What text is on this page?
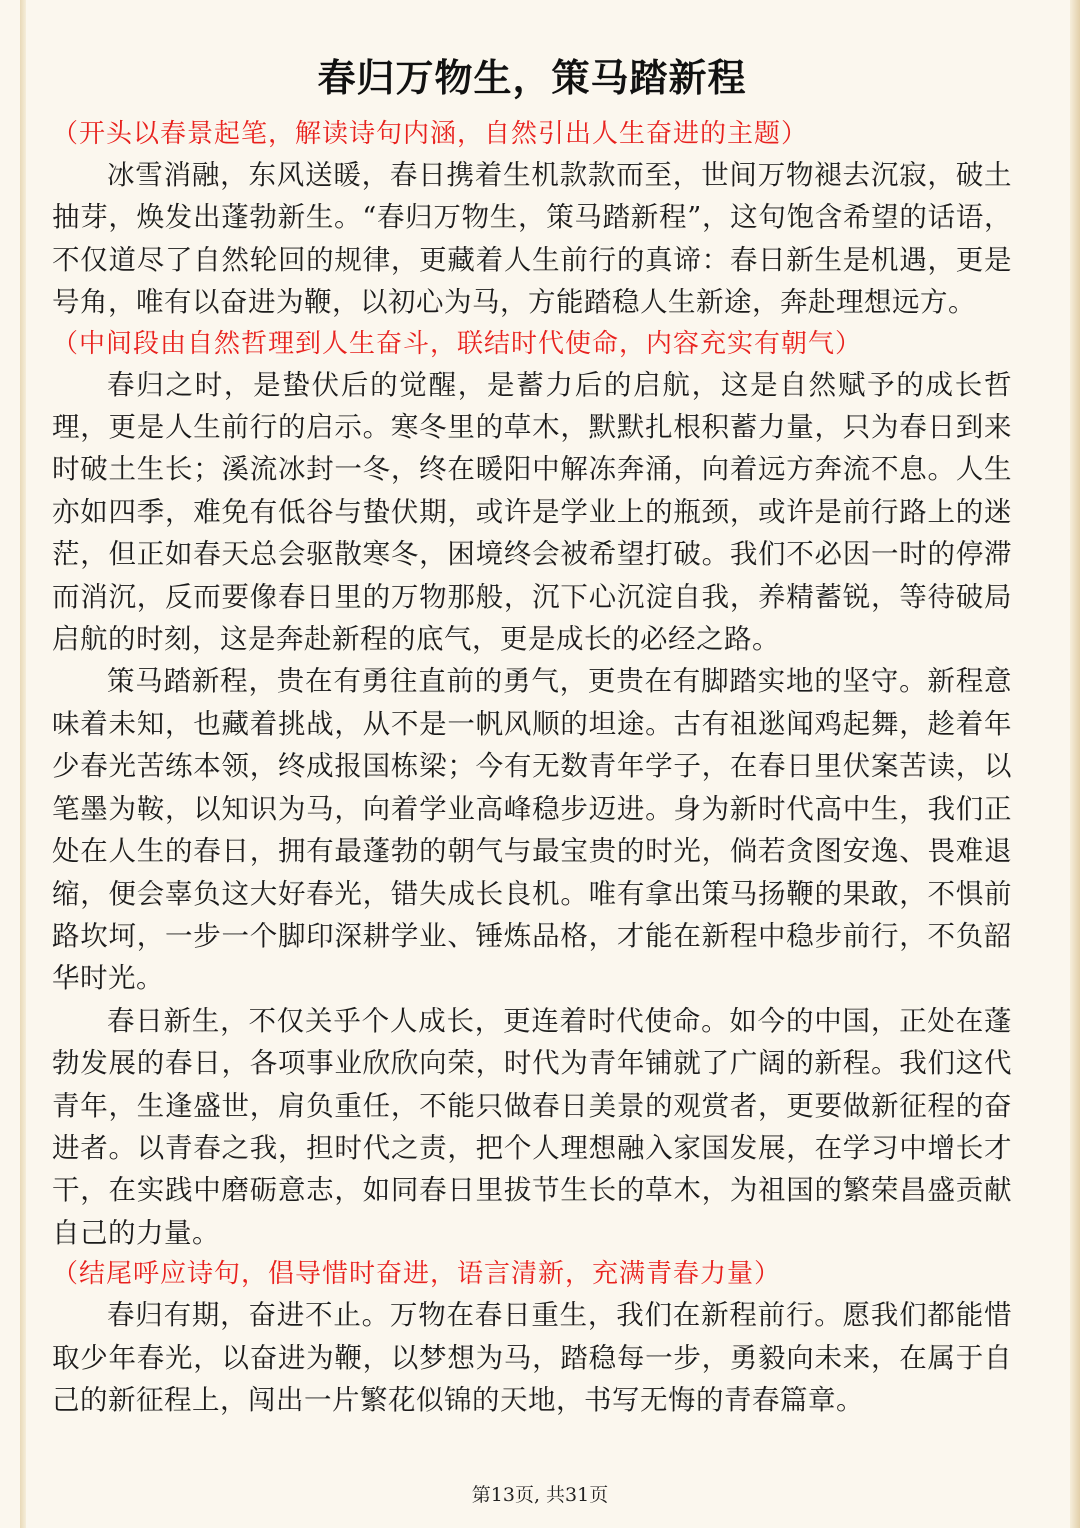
春归万物生，策马踏新程

（开头以春景起笔，解读诗句内涵，自然引出人生奋进的主题）

冰雪消融，东风送暖，春日携着生机款款而至，世间万物褪去沉寂，破土抽芽，焕发出蓬勃新生。“春归万物生，策马踏新程”，这句饱含希望的话语，不仅道尽了自然轮回的规律，更藏着人生前行的真谛：春日新生是机遇，更是号角，唯有以奋进为鞭，以初心为马，方能踏稳人生新途，奔赴理想远方。

（中间段由自然哲理到人生奋斗，联结时代使命，内容充实有朝气）

春归之时，是蛰伏后的觉醒，是蓄力后的启航，这是自然赋予的成长哲理，更是人生前行的启示。寒冬里的草木，默默扎根积蓄力量，只为春日到来时破土生长；溪流冰封一冬，终在暖阳中解冻奔涌，向着远方奔流不息。人生亦如四季，难免有低谷与蛰伏期，或许是学业上的瓶颈，或许是前行路上的迷茫，但正如春天总会驱散寒冬，困境终会被希望打破。我们不必因一时的停滞而消沉，反而要像春日里的万物那般，沉下心沉淀自我，养精蓄锐，等待破局启航的时刻，这是奔赴新程的底气，更是成长的必经之路。

策马踏新程，贵在有勇往直前的勇气，更贵在有脚踏实地的坚守。新程意味着未知，也藏着挑战，从不是一帆风顺的坦途。古有祖逖闻鸡起舞，趁着年少春光苦练本领，终成报国栋梁；今有无数青年学子，在春日里伏案苦读，以笔墨为鞍，以知识为马，向着学业高峰稳步迈进。身为新时代高中生，我们正处在人生的春日，拥有最蓬勃的朝气与最宝贵的时光，倘若贪图安逸、畏难退缩，便会辜负这大好春光，错失成长良机。唯有拿出策马扬鞭的果敢，不惧前路坎坷，一步一个脚印深耕学业、锤炼品格，才能在新程中稳步前行，不负韶华时光。

春日新生，不仅关乎个人成长，更连着时代使命。如今的中国，正处在蓬勃发展的春日，各项事业欣欣向荣，时代为青年铺就了广阔的新程。我们这代青年，生逢盛世，肩负重任，不能只做春日美景的观赏者，更要做新征程的奋进者。以青春之我，担时代之责，把个人理想融入家国发展，在学习中增长才干，在实践中磨砺意志，如同春日里拔节生长的草木，为祖国的繁荣昌盛贡献自己的力量。

（结尾呼应诗句，倡导惜时奋进，语言清新，充满青春力量）

春归有期，奋进不止。万物在春日重生，我们在新程前行。愿我们都能惜取少年春光，以奋进为鞭，以梦想为马，踏稳每一步，勇毅向未来，在属于自己的新征程上，闯出一片繁花似锦的天地，书写无悔的青春篇章。

第13页, 共31页
